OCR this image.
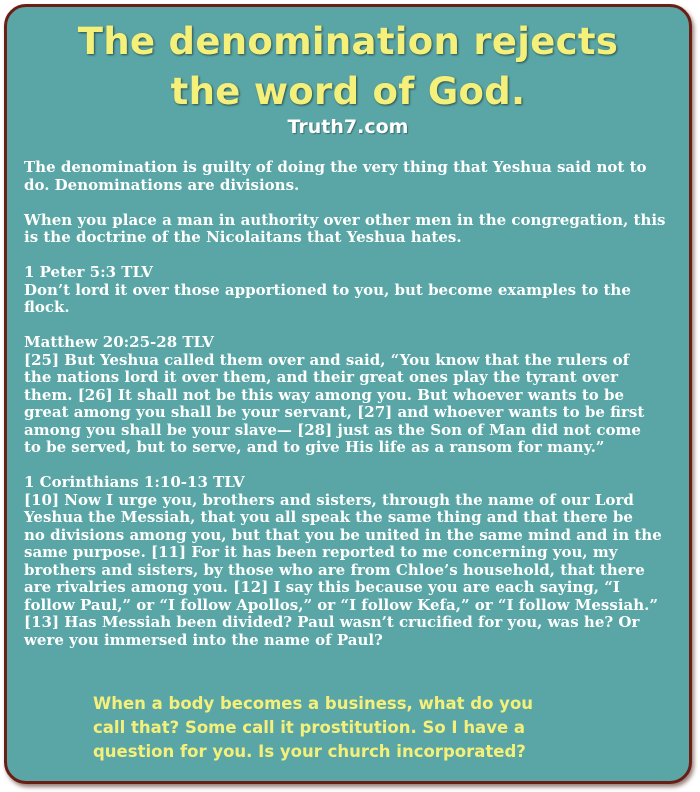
The denomination rejects
the word of God.
Truth7.com
The denomination is guilty of doing the very thing that Yeshua said not to
do. Denominations are divisions.
When you place a man in authority over other men in the congregation, this
is the doctrine of the Nicolaitans that Yeshua hates.
1 Peter 5:3 TLV
Don’t lord it over those apportioned to you, but become examples to the
flock.
Matthew 20:25-28 TLV
[25] But Yeshua called them over and said, “You know that the rulers of
the nations lord it over them, and their great ones play the tyrant over
them. [26] It shall not be this way among you. But whoever wants to be
great among you shall be your servant, [27] and whoever wants to be first
among you shall be your slave— [28] just as the Son of Man did not come
to be served, but to serve, and to give His life as a ransom for many.”
1 Corinthians 1:10-13 TLV
[10] Now I urge you, brothers and sisters, through the name of our Lord
Yeshua the Messiah, that you all speak the same thing and that there be
no divisions among you, but that you be united in the same mind and in the
same purpose. [11] For it has been reported to me concerning you, my
brothers and sisters, by those who are from Chloe’s household, that there
are rivalries among you. [12] I say this because you are each saying, “I
follow Paul,” or “I follow Apollos,” or “I follow Kefa,” or “I follow Messiah.”
[13] Has Messiah been divided? Paul wasn’t crucified for you, was he? Or
were you immersed into the name of Paul?
When a body becomes a business, what do you
call that? Some call it prostitution. So I have a
question for you. Is your church incorporated?
